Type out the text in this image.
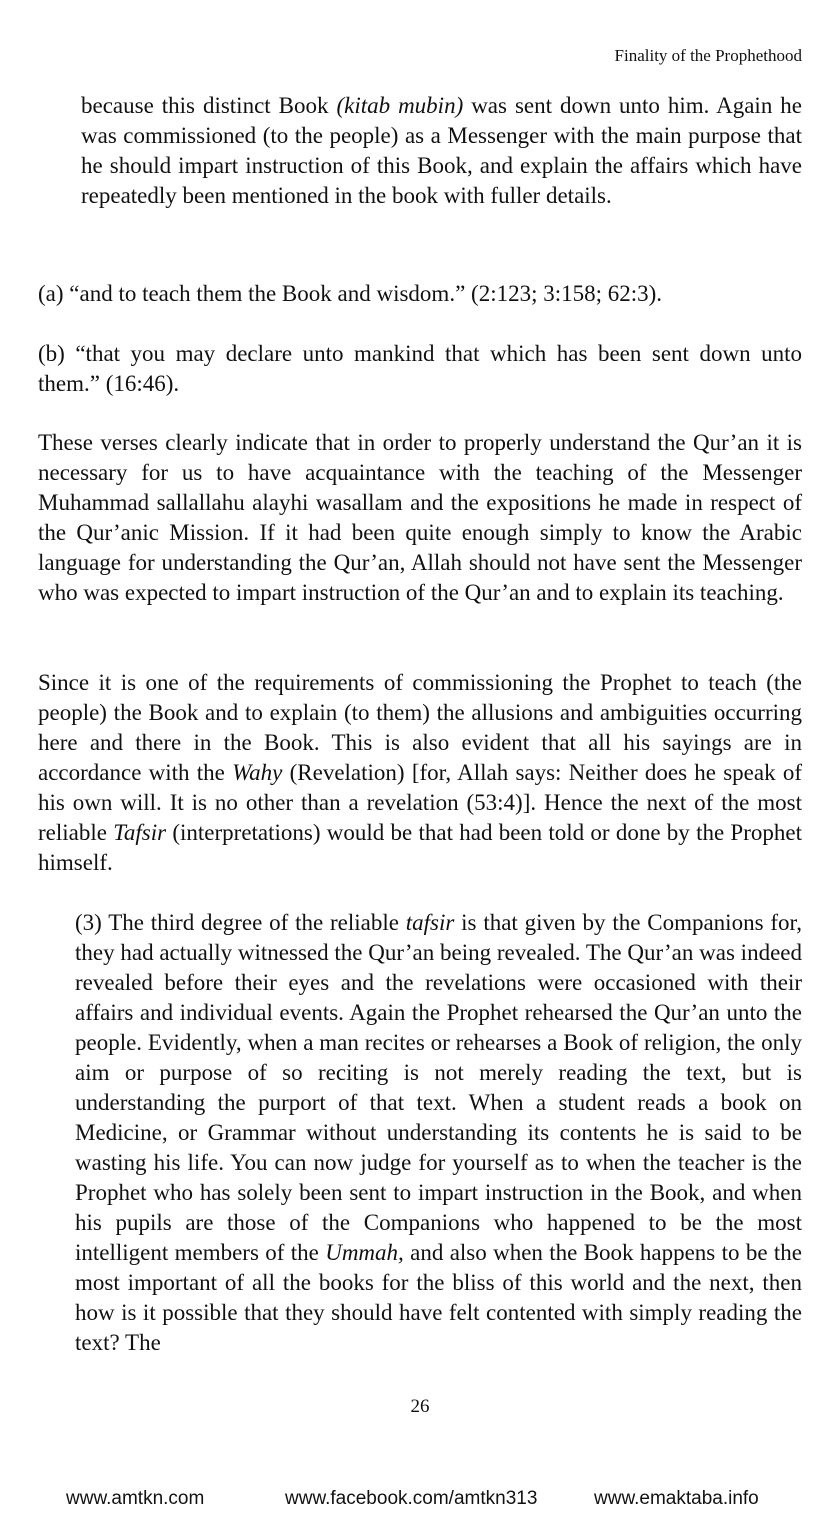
Finality of the Prophethood

because this distinct Book (kitab mubin) was sent down unto him. Again he was commissioned (to the people) as a Messenger with the main purpose that he should impart instruction of this Book, and explain the affairs which have repeatedly been mentioned in the book with fuller details.

(a) “and to teach them the Book and wisdom.” (2:123; 3:158; 62:3).

(b) “that you may declare unto mankind that which has been sent down unto them.” (16:46).

These verses clearly indicate that in order to properly understand the Qur’an it is necessary for us to have acquaintance with the teaching of the Messenger Muhammad sallallahu alayhi wasallam and the expositions he made in respect of the Qur’anic Mission. If it had been quite enough simply to know the Arabic language for understanding the Qur’an, Allah should not have sent the Messenger who was expected to impart instruction of the Qur’an and to explain its teaching.

Since it is one of the requirements of commissioning the Prophet to teach (the people) the Book and to explain (to them) the allusions and ambiguities occurring here and there in the Book. This is also evident that all his sayings are in accordance with the Wahy (Revelation) [for, Allah says: Neither does he speak of his own will. It is no other than a revelation (53:4)]. Hence the next of the most reliable Tafsir (interpretations) would be that had been told or done by the Prophet himself.

(3) The third degree of the reliable tafsir is that given by the Companions for, they had actually witnessed the Qur’an being revealed. The Qur’an was indeed revealed before their eyes and the revelations were occasioned with their affairs and individual events. Again the Prophet rehearsed the Qur’an unto the people. Evidently, when a man recites or rehearses a Book of religion, the only aim or purpose of so reciting is not merely reading the text, but is understanding the purport of that text. When a student reads a book on Medicine, or Grammar without understanding its contents he is said to be wasting his life. You can now judge for yourself as to when the teacher is the Prophet who has solely been sent to impart instruction in the Book, and when his pupils are those of the Companions who happened to be the most intelligent members of the Ummah, and also when the Book happens to be the most important of all the books for the bliss of this world and the next, then how is it possible that they should have felt contented with simply reading the text? The

26
www.amtkn.com	www.facebook.com/amtkn313	www.emaktaba.info
